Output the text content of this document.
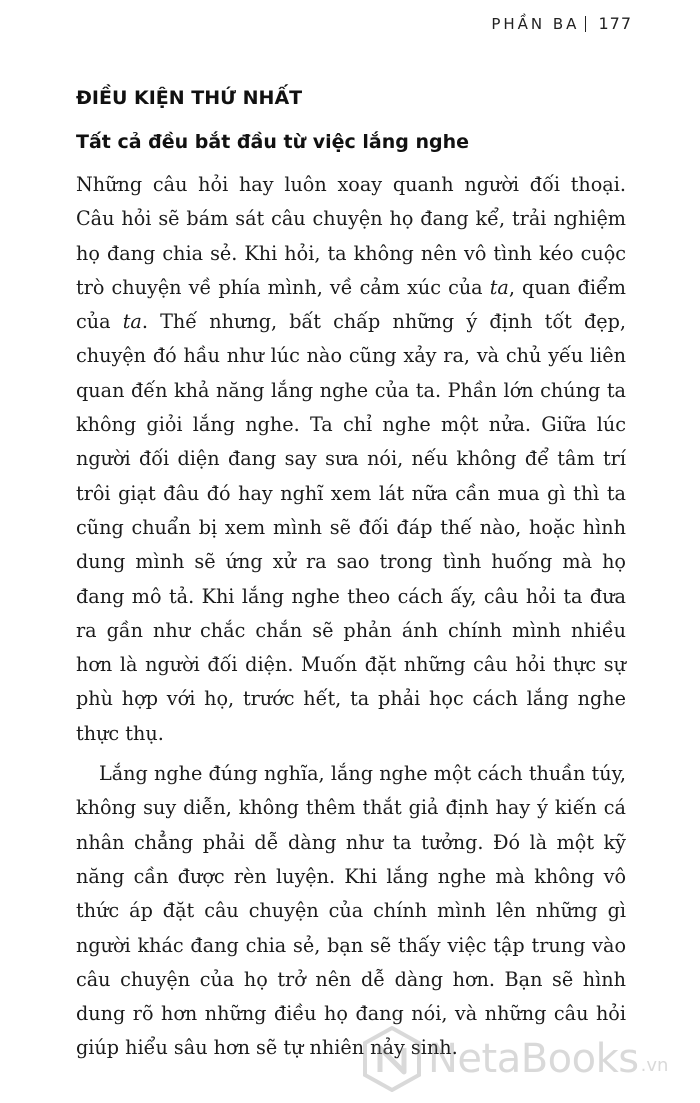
PHẦN BA 177
ĐIỀU KIỆN THỨ NHẤT
Tất cả đều bắt đầu từ việc lắng nghe

Những câu hỏi hay luôn xoay quanh người đối thoại. Câu hỏi sẽ bám sát câu chuyện họ đang kể, trải nghiệm họ đang chia sẻ. Khi hỏi, ta không nên vô tình kéo cuộc trò chuyện về phía mình, về cảm xúc của ta, quan điểm của ta. Thế nhưng, bất chấp những ý định tốt đẹp, chuyện đó hầu như lúc nào cũng xảy ra, và chủ yếu liên quan đến khả năng lắng nghe của ta. Phần lớn chúng ta không giỏi lắng nghe. Ta chỉ nghe một nửa. Giữa lúc người đối diện đang say sưa nói, nếu không để tâm trí trôi giạt đâu đó hay nghĩ xem lát nữa cần mua gì thì ta cũng chuẩn bị xem mình sẽ đối đáp thế nào, hoặc hình dung mình sẽ ứng xử ra sao trong tình huống mà họ đang mô tả. Khi lắng nghe theo cách ấy, câu hỏi ta đưa ra gần như chắc chắn sẽ phản ánh chính mình nhiều hơn là người đối diện. Muốn đặt những câu hỏi thực sự phù hợp với họ, trước hết, ta phải học cách lắng nghe thực thụ.

Lắng nghe đúng nghĩa, lắng nghe một cách thuần túy, không suy diễn, không thêm thắt giả định hay ý kiến cá nhân chẳng phải dễ dàng như ta tưởng. Đó là một kỹ năng cần được rèn luyện. Khi lắng nghe mà không vô thức áp đặt câu chuyện của chính mình lên những gì người khác đang chia sẻ, bạn sẽ thấy việc tập trung vào câu chuyện của họ trở nên dễ dàng hơn. Bạn sẽ hình dung rõ hơn những điều họ đang nói, và những câu hỏi giúp hiểu sâu hơn sẽ tự nhiên nảy sinh.

NetaBooks .vn
